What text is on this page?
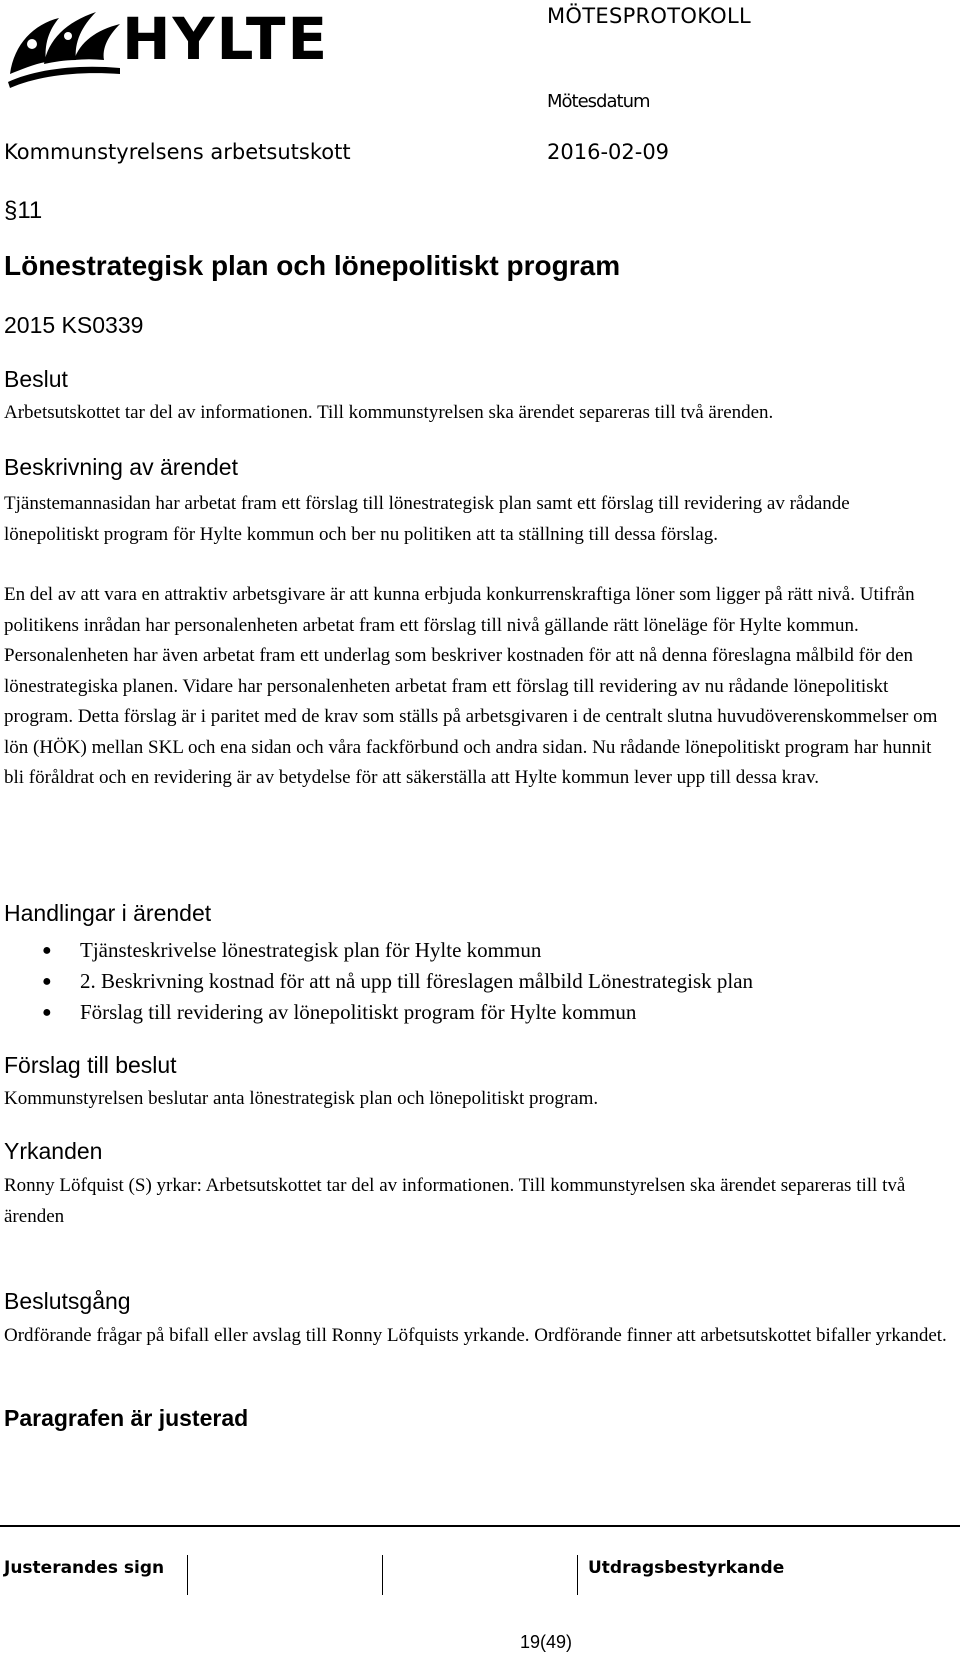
HYLTE	MÖTESPROTOKOLL
Mötesdatum
Kommunstyrelsens arbetsutskott	2016-02-09
§11
Lönestrategisk plan och lönepolitiskt program
2015 KS0339
Beslut
Arbetsutskottet tar del av informationen. Till kommunstyrelsen ska ärendet separeras till två ärenden.
Beskrivning av ärendet
Tjänstemannasidan har arbetat fram ett förslag till lönestrategisk plan samt ett förslag till revidering av rådande lönepolitiskt program för Hylte kommun och ber nu politiken att ta ställning till dessa förslag.
En del av att vara en attraktiv arbetsgivare är att kunna erbjuda konkurrenskraftiga löner som ligger på rätt nivå. Utifrån politikens inrådan har personalenheten arbetat fram ett förslag till nivå gällande rätt löneläge för Hylte kommun. Personalenheten har även arbetat fram ett underlag som beskriver kostnaden för att nå denna föreslagna målbild för den lönestrategiska planen. Vidare har personalenheten arbetat fram ett förslag till revidering av nu rådande lönepolitiskt program. Detta förslag är i paritet med de krav som ställs på arbetsgivaren i de centralt slutna huvudöverenskommelser om lön (HÖK) mellan SKL och ena sidan och våra fackförbund och andra sidan. Nu rådande lönepolitiskt program har hunnit bli föråldrat och en revidering är av betydelse för att säkerställa att Hylte kommun lever upp till dessa krav.
Handlingar i ärendet
● Tjänsteskrivelse lönestrategisk plan för Hylte kommun
● 2. Beskrivning kostnad för att nå upp till föreslagen målbild Lönestrategisk plan
● Förslag till revidering av lönepolitiskt program för Hylte kommun
Förslag till beslut
Kommunstyrelsen beslutar anta lönestrategisk plan och lönepolitiskt program.
Yrkanden
Ronny Löfquist (S) yrkar: Arbetsutskottet tar del av informationen. Till kommunstyrelsen ska ärendet separeras till två ärenden
Beslutsgång
Ordförande frågar på bifall eller avslag till Ronny Löfquists yrkande. Ordförande finner att arbetsutskottet bifaller yrkandet.
Paragrafen är justerad
Justerandes sign	Utdragsbestyrkande
19(49)
